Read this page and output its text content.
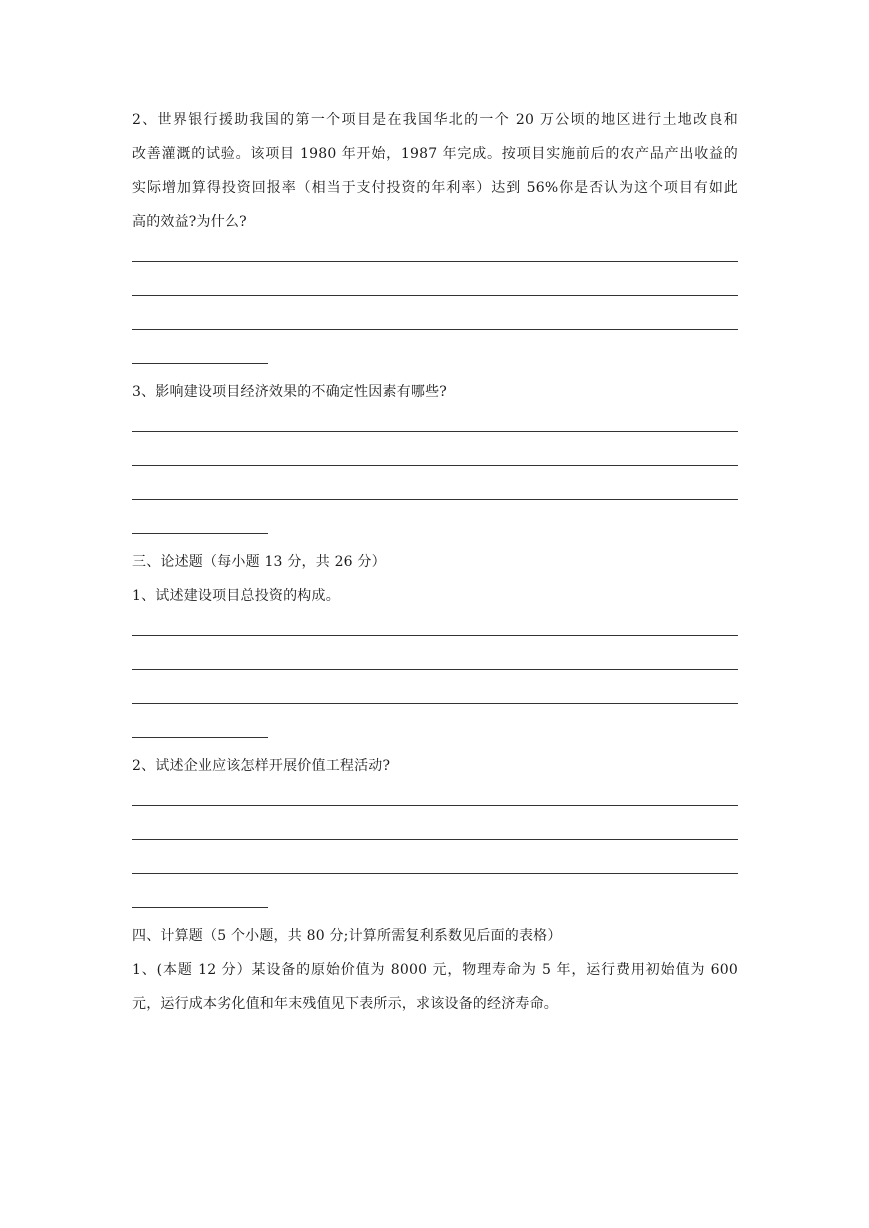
2、世界银行援助我国的第一个项目是在我国华北的一个 20 万公顷的地区进行土地改良和
改善灌溉的试验。该项目 1980 年开始，1987 年完成。按项目实施前后的农产品产出收益的
实际增加算得投资回报率（相当于支付投资的年利率）达到 56%你是否认为这个项目有如此
高的效益?为什么?
3、影响建设项目经济效果的不确定性因素有哪些?
三、论述题（每小题 13 分，共 26 分）
1、试述建设项目总投资的构成。
2、试述企业应该怎样开展价值工程活动?
四、计算题（5 个小题，共 80 分;计算所需复利系数见后面的表格）
1、(本题 12 分）某设备的原始价值为 8000 元，物理寿命为 5 年，运行费用初始值为 600
元，运行成本劣化值和年末残值见下表所示，求该设备的经济寿命。
